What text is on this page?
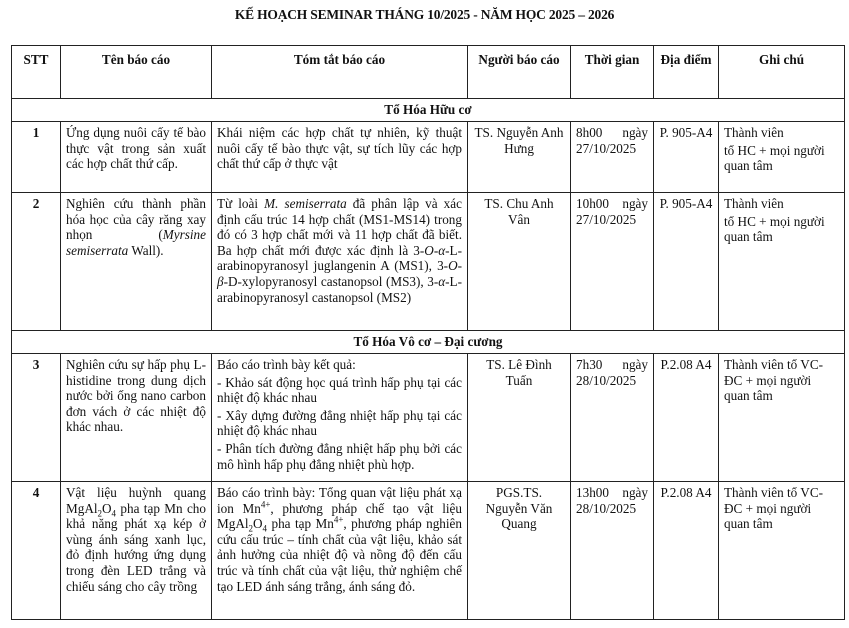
KẾ HOẠCH SEMINAR THÁNG 10/2025 - NĂM HỌC 2025 – 2026
STT	Tên báo cáo	Tóm tắt báo cáo	Người báo cáo	Thời gian	Địa điểm	Ghi chú
Tổ Hóa Hữu cơ						
1	Ứng dụng nuôi cấy tế bào thực vật trong sản xuất các hợp chất thứ cấp.	Khái niệm các hợp chất tự nhiên, kỹ thuật nuôi cấy tế bào thực vật, sự tích lũy các hợp chất thứ cấp ở thực vật	TS. Nguyễn Anh Hưng	8h00 ngày 27/10/2025	P. 905-A4	Thành viên
tổ HC + mọi người quan tâm

2	Nghiên cứu thành phần hóa học của cây răng xay nhọn (Myrsine semiserrata Wall).	Từ loài M. semiserrata đã phân lập và xác định cấu trúc 14 hợp chất (MS1-MS14) trong đó có 3 hợp chất mới và 11 hợp chất đã biết. Ba hợp chất mới được xác định là 3-O-α-L-arabinopyranosyl juglangenin A (MS1), 3-O-β-D-xylopyranosyl castanopsol (MS3), 3-α-L-arabinopyranosyl castanopsol (MS2)	TS. Chu Anh Vân	10h00 ngày 27/10/2025	P. 905-A4	Thành viên
tổ HC + mọi người quan tâm

Tổ Hóa Vô cơ – Đại cương						
3	Nghiên cứu sự hấp phụ L-histidine trong dung dịch nước bởi ống nano carbon đơn vách ở các nhiệt độ khác nhau.	Báo cáo trình bày kết quả:
- Khảo sát động học quá trình hấp phụ tại các nhiệt độ khác nhau
- Xây dựng đường đẳng nhiệt hấp phụ tại các nhiệt độ khác nhau
- Phân tích đường đẳng nhiệt hấp phụ bởi các mô hình hấp phụ đẳng nhiệt phù hợp.	TS. Lê Đình Tuấn	7h30 ngày 28/10/2025	P.2.08 A4	Thành viên tổ VC-ĐC + mọi người quan tâm
4	Vật liệu huỳnh quang $MgAl_2O_4$ pha tạp Mn cho khả năng phát xạ kép ở vùng ánh sáng xanh lục, đỏ định hướng ứng dụng trong đèn LED trắng và chiếu sáng cho cây trồng	Báo cáo trình bày: Tổng quan vật liệu phát xạ ion $Mn^{4+}$, phương pháp chế tạo vật liệu $MgAl_2O_4$ pha tạp $Mn^{4+}$, phương pháp nghiên cứu cấu trúc – tính chất của vật liệu, khảo sát ảnh hưởng của nhiệt độ và nồng độ đến cấu trúc và tính chất của vật liệu, thử nghiệm chế tạo LED ánh sáng trắng, ánh sáng đỏ.	PGS.TS.
Nguyễn Văn Quang	13h00 ngày 28/10/2025	P.2.08 A4	Thành viên tổ VC-ĐC + mọi người quan tâm
